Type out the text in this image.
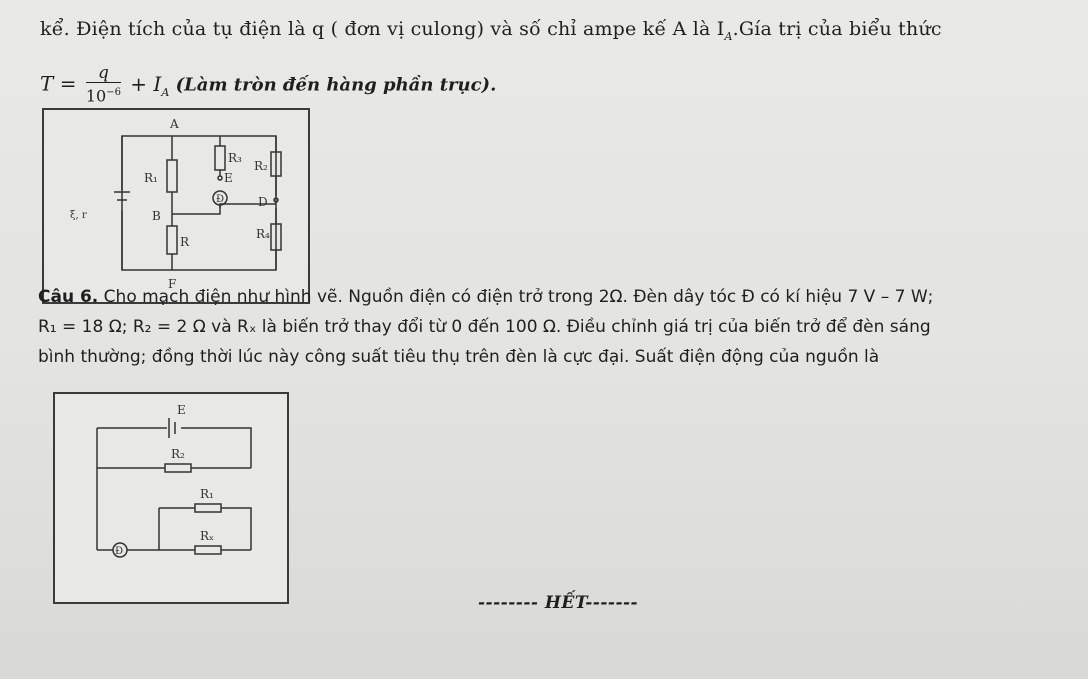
kể. Điện tích của tụ điện là q ( đơn vị culong) và số chỉ ampe kế A là $I_A.Gía$ trị của biểu thức
$T = \frac{q}{10^{-6}} + I_A$ (Làm tròn đến hàng phần trục).
A
R₁
R₃
R₂
E
Đ	D
B
R₄
R
F
ξ, r
Câu 6. Cho mạch điện như hình vẽ. Nguồn điện có điện trở trong 2Ω. Đèn dây tóc Đ có kí hiệu 7 V – 7 W;
R₁ = 18 Ω; R₂ = 2 Ω và Rₓ là biến trở thay đổi từ 0 đến 100 Ω. Điều chỉnh giá trị của biến trở để đèn sáng
bình thường; đồng thời lúc này công suất tiêu thụ trên đèn là cực đại. Suất điện động của nguồn là
E
R₂
R₁
Rₓ
Đ
-------- HẾT-------
